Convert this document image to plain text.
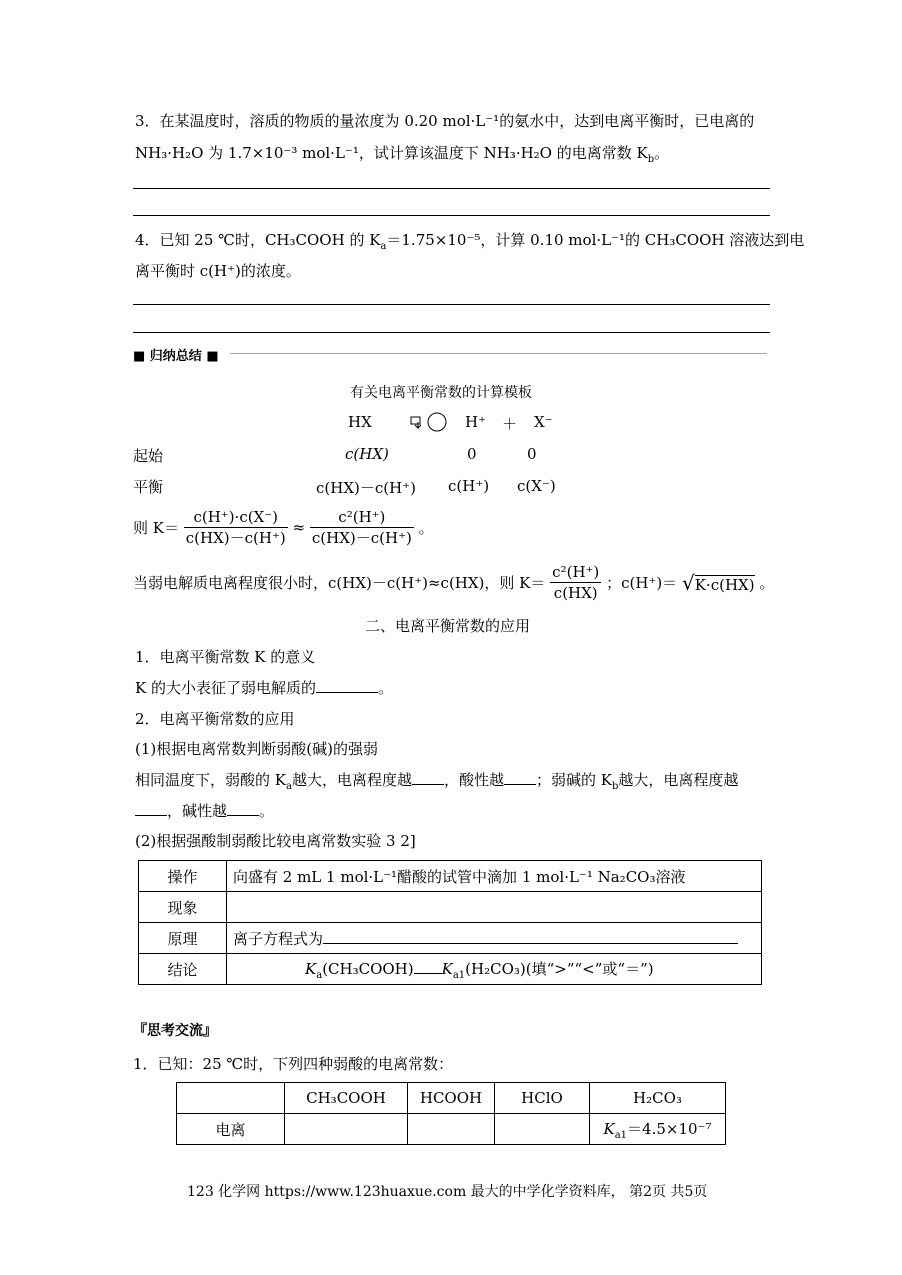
3．在某温度时，溶质的物质的量浓度为 0.20 mol·L⁻¹的氨水中，达到电离平衡时，已电离的
NH₃·H₂O 为 1.7×10⁻³ mol·L⁻¹，试计算该温度下 NH₃·H₂O 的电离常数 $K_b$。
4．已知 25 ℃时，CH₃COOH 的 $K_a=1.75\times 10^{-5}$，计算 0.10 mol·L⁻¹的 CH₃COOH 溶液达到电
离平衡时 c(H⁺)的浓度。
■ 归纳总结 ■
有关电离平衡常数的计算模板
HX	H⁺ ＋ X⁻
起始	c(HX)	0	0
平衡	c(HX)－c(H⁺) c(H⁺) c(X⁻)
则 $K= \frac{c(H^+)\cdot c(X^-)}{c(HX)-c(H^+)} \approx \frac{\text{c²(H⁺)}}{c(HX)-c(H^+)}$ 。
当弱电解质电离程度很小时，c(HX)－c(H⁺)≈c(HX)，则 $K= \frac{\text{c²(H⁺)}}{c(HX)}$ ；c(H⁺)＝ √K·c(HX) 。
二、电离平衡常数的应用
1．电离平衡常数 K 的意义
K 的大小表征了弱电解质的	。
2．电离平衡常数的应用
(1)根据电离常数判断弱酸(碱)的强弱
相同温度下，弱酸的 $K_a$越大，电离程度越 ，酸性越 ；弱碱的 $K_b$越大，电离程度越
，碱性越 。
(2)根据强酸制弱酸比较电离常数实验 3 2]
操作	向盛有 2 mL 1 mol·L⁻¹醋酸的试管中滴加 1 mol·L⁻¹ Na₂CO₃溶液
现象	
原理	离子方程式为
结论	$K_a(CH_3COOH)$ $K_{a1}(H_2CO_3)$(填“>”“<”或“＝”)
『思考交流』
1．已知：25 ℃时，下列四种弱酸的电离常数：
	CH₃COOH	HCOOH	HClO	H₂CO₃
电离				$K_{a1}=4.5\times 10^{-7}$
123 化学网 https://www.123huaxue.com 最大的中学化学资料库， 第2页 共5页
